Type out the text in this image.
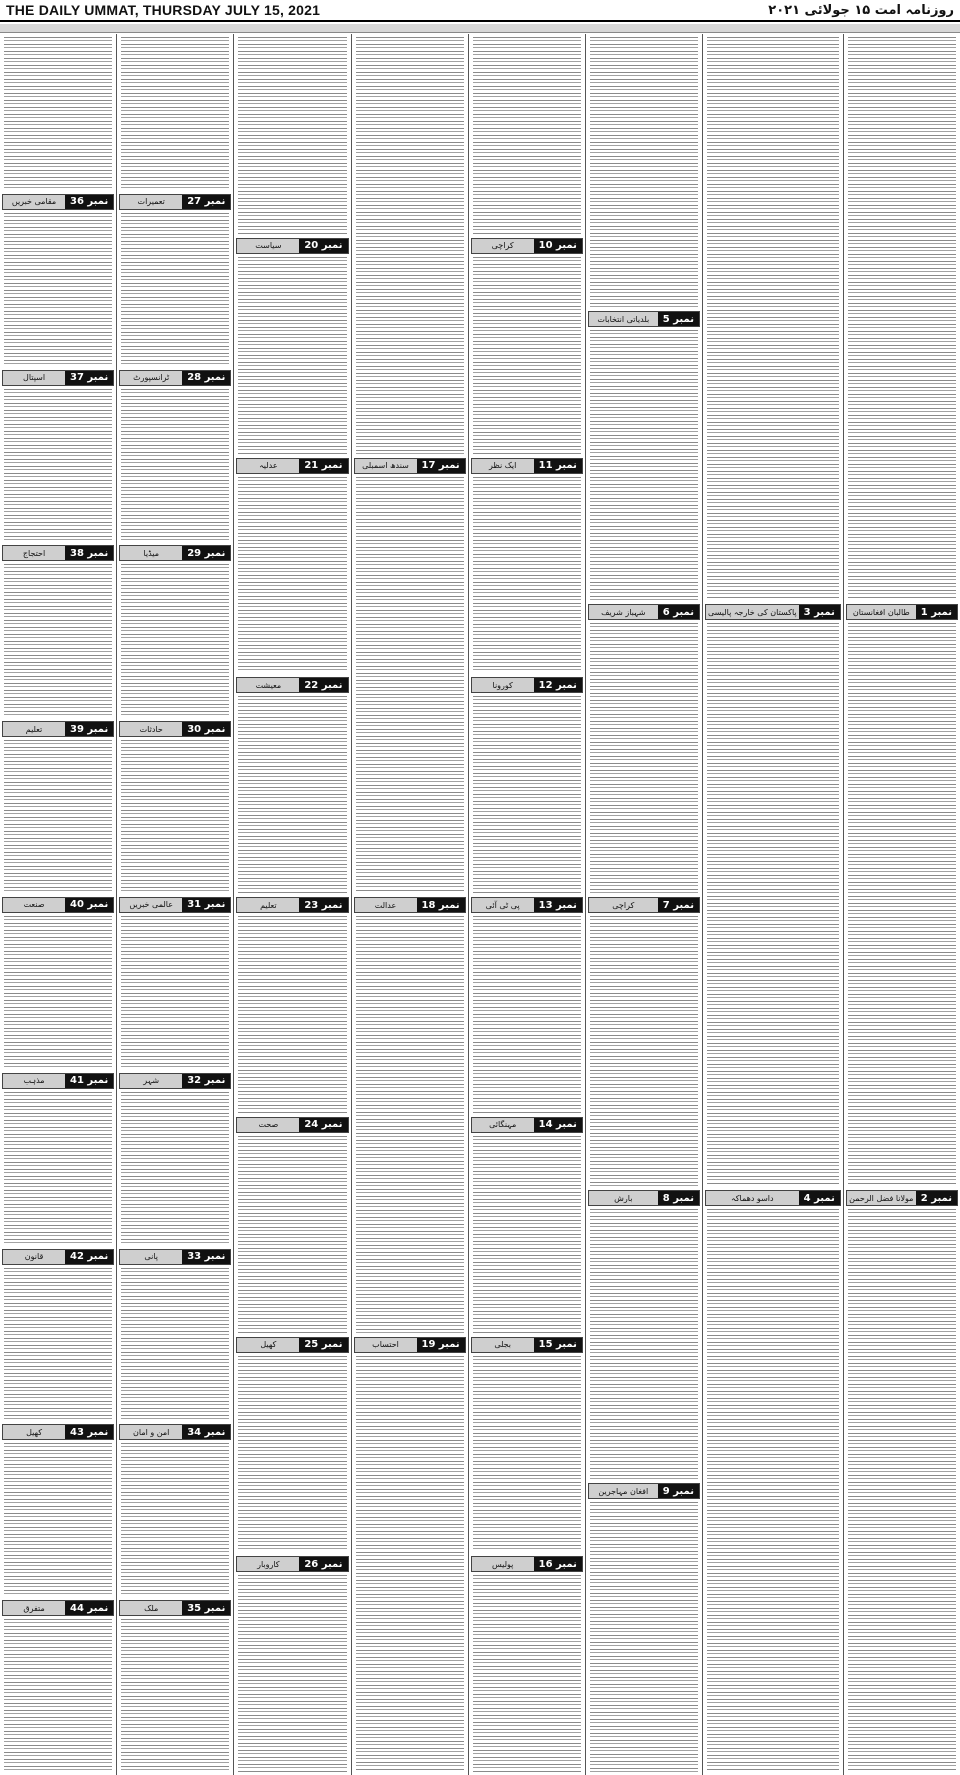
THE DAILY UMMAT, THURSDAY JULY 15, 2021	روزنامہ امت ۱۵ جولائی ۲۰۲۱
نمبر 1
طالبان افغانستان
نمبر 2
مولانا فضل الرحمن
نمبر 3
پاکستان کی خارجہ پالیسی
نمبر 4
داسو دھماکہ
نمبر 5
بلدیاتی انتخابات
نمبر 6
شہباز شریف
نمبر 7
کراچی
نمبر 8
بارش
نمبر 9
افغان مہاجرین
نمبر 10
کراچی
نمبر 11
ایک نظر
نمبر 12
کورونا
نمبر 13
پی ٹی آئی
نمبر 14
مہنگائی
نمبر 15
بجلی
نمبر 16
پولیس
نمبر 17
سندھ اسمبلی
نمبر 18
عدالت
نمبر 19
احتساب
نمبر 20
سیاست
نمبر 21
عدلیہ
نمبر 22
معیشت
نمبر 23
تعلیم
نمبر 24
صحت
نمبر 25
کھیل
نمبر 26
کاروبار
نمبر 27
تعمیرات
نمبر 28
ٹرانسپورٹ
نمبر 29
میڈیا
نمبر 30
حادثات
نمبر 31
عالمی خبریں
نمبر 32
شہر
نمبر 33
پانی
نمبر 34
امن و امان
نمبر 35
ملک
نمبر 36
مقامی خبریں
نمبر 37
اسپتال
نمبر 38
احتجاج
نمبر 39
تعلیم
نمبر 40
صنعت
نمبر 41
مذہب
نمبر 42
قانون
نمبر 43
کھیل
نمبر 44
متفرق
